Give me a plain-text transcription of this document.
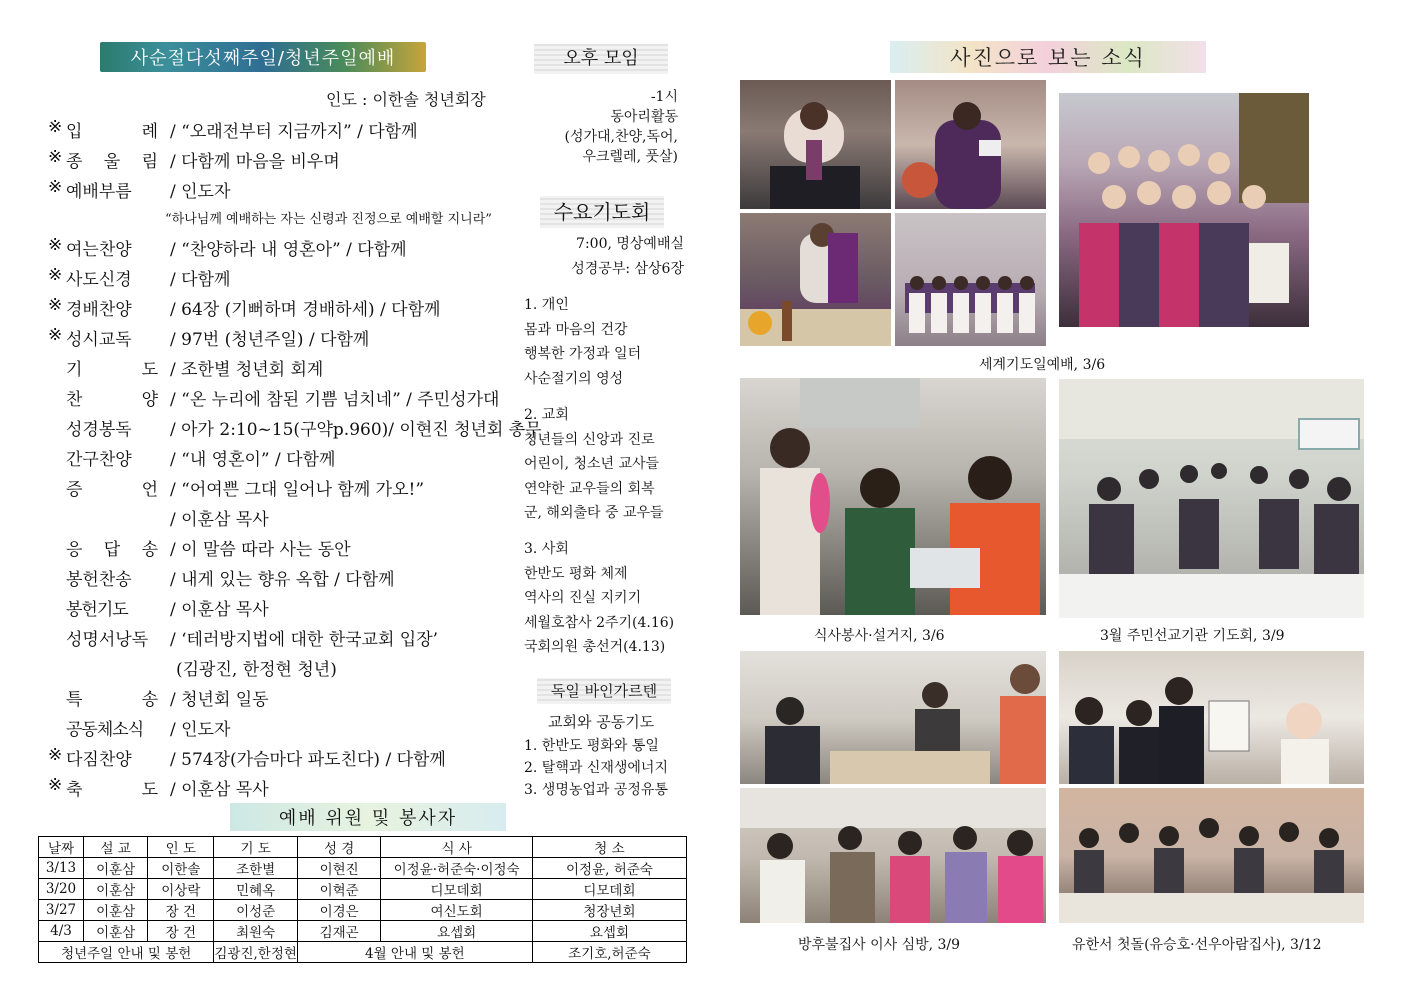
사순절다섯째주일/청년주일예배
인도 : 이한솔 청년회장
※ 입 례 / “오래전부터 지금까지” / 다함께
※ 종 울 림 / 다함께 마음을 비우며
※ 예배부름	/ 인도자
※ 여는찬양	/ “찬양하라 내 영혼아” / 다함께
※ 사도신경	/ 다함께
※ 경배찬양	/ 64장 (기뻐하며 경배하세) / 다함께
※ 성시교독	/ 97번 (청년주일) / 다함께
기 도 / 조한별 청년회 회계
찬 양 / “온 누리에 참된 기쁨 넘치네” / 주민성가대
성경봉독	/ 아가 2:10~15(구약p.960)/ 이현진 청년회 총무
간구찬양	/ “내 영혼이” / 다함께
증 언 / “어여쁜 그대 일어나 함께 가오!”
/ 이훈삼 목사
응 답 송 / 이 말씀 따라 사는 동안
봉헌찬송	/ 내게 있는 향유 옥합 / 다함께
봉헌기도	/ 이훈삼 목사
성명서낭독	/ ‘테러방지법에 대한 한국교회 입장’
(김광진, 한정현 청년)
특 송 / 청년회 일동
공동체소식	/ 인도자
※ 다짐찬양	/ 574장(가슴마다 파도친다) / 다함께
※ 축 도 / 이훈삼 목사
“하나님께 예배하는 자는 신령과 진정으로 예배할 지니라”
예배 위원 및 봉사자
날짜	설 교	인 도	기 도	성 경	식 사	청 소
3/13	이훈삼	이한솔	조한별	이현진	이정윤·허준숙·이정숙	이정윤, 허준숙
3/20	이훈삼	이상락	민혜옥	이혁준	디모데회	디모데회
3/27	이훈삼	장 건	이성준	이경은	여신도회	청장년회
4/3	이훈삼	장 건	최원숙	김재곤	요셉회	요셉회
청년주일 안내 및 봉헌			김광진,한정현	4월 안내 및 봉헌		조기호,허준숙
오후 모임
-1시
동아리활동
(성가대,찬양,독어,
우크렐레, 풋살)
수요기도회
7:00, 명상예배실
성경공부: 삼상6장
1. 개인
몸과 마음의 건강
행복한 가정과 일터
사순절기의 영성
2. 교회
청년들의 신앙과 진로
어린이, 청소년 교사들
연약한 교우들의 회복
군, 해외출타 중 교우들
3. 사회
한반도 평화 체제
역사의 진실 지키기
세월호참사 2주기(4.16)
국회의원 총선거(4.13)
독일 바인가르텐
교회와 공동기도
1. 한반도 평화와 통일
2. 탈핵과 신재생에너지
3. 생명농업과 공정유통
사진으로 보는 소식
세계기도일예배, 3/6
식사봉사·설거지, 3/6	3월 주민선교기관 기도회, 3/9
방후불집사 이사 심방, 3/9	유한서 첫돌(유승호·선우아람집사), 3/12
